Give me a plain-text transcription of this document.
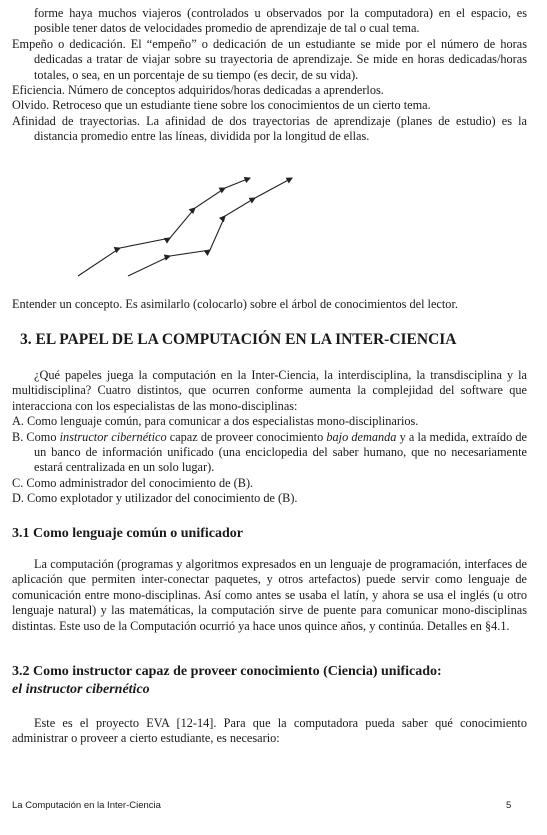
forme haya muchos viajeros (controlados u observados por la computadora) en el espacio, es posible tener datos de velocidades promedio de aprendizaje de tal o cual tema.

Empeño o dedicación. El “empeño” o dedicación de un estudiante se mide por el número de horas dedicadas a tratar de viajar sobre su trayectoria de aprendizaje. Se mide en horas dedicadas/horas totales, o sea, en un porcentaje de su tiempo (es decir, de su vida).

Eficiencia. Número de conceptos adquiridos/horas dedicadas a aprenderlos.

Olvido. Retroceso que un estudiante tiene sobre los conocimientos de un cierto tema.

Afinidad de trayectorias. La afinidad de dos trayectorias de aprendizaje (planes de estudio) es la distancia promedio entre las líneas, dividida por la longitud de ellas.

Entender un concepto. Es asimilarlo (colocarlo) sobre el árbol de conocimientos del lector.

3. EL PAPEL DE LA COMPUTACIÓN EN LA INTER-CIENCIA

¿Qué papeles juega la computación en la Inter-Ciencia, la interdisciplina, la transdisciplina y la multidisciplina? Cuatro distintos, que ocurren conforme aumenta la complejidad del software que interacciona con los especialistas de las mono-disciplinas:

A. Como lenguaje común, para comunicar a dos especialistas mono-disciplinarios.

B. Como instructor cibernético capaz de proveer conocimiento bajo demanda y a la medida, extraído de un banco de información unificado (una enciclopedia del saber humano, que no necesariamente estará centralizada en un solo lugar).

C. Como administrador del conocimiento de (B).

D. Como explotador y utilizador del conocimiento de (B).

3.1 Como lenguaje común o unificador

La computación (programas y algoritmos expresados en un lenguaje de programación, interfaces de aplicación que permiten inter-conectar paquetes, y otros artefactos) puede servir como lenguaje de comunicación entre mono-disciplinas. Así como antes se usaba el latín, y ahora se usa el inglés (u otro lenguaje natural) y las matemáticas, la computación sirve de puente para comunicar mono-disciplinas distintas. Este uso de la Computación ocurrió ya hace unos quince años, y continúa. Detalles en §4.1.

3.2 Como instructor capaz de proveer conocimiento (Ciencia) unificado:
el instructor cibernético

Este es el proyecto EVA [12-14]. Para que la computadora pueda saber qué conocimiento administrar o proveer a cierto estudiante, es necesario:

La Computación en la Inter-Ciencia	5
